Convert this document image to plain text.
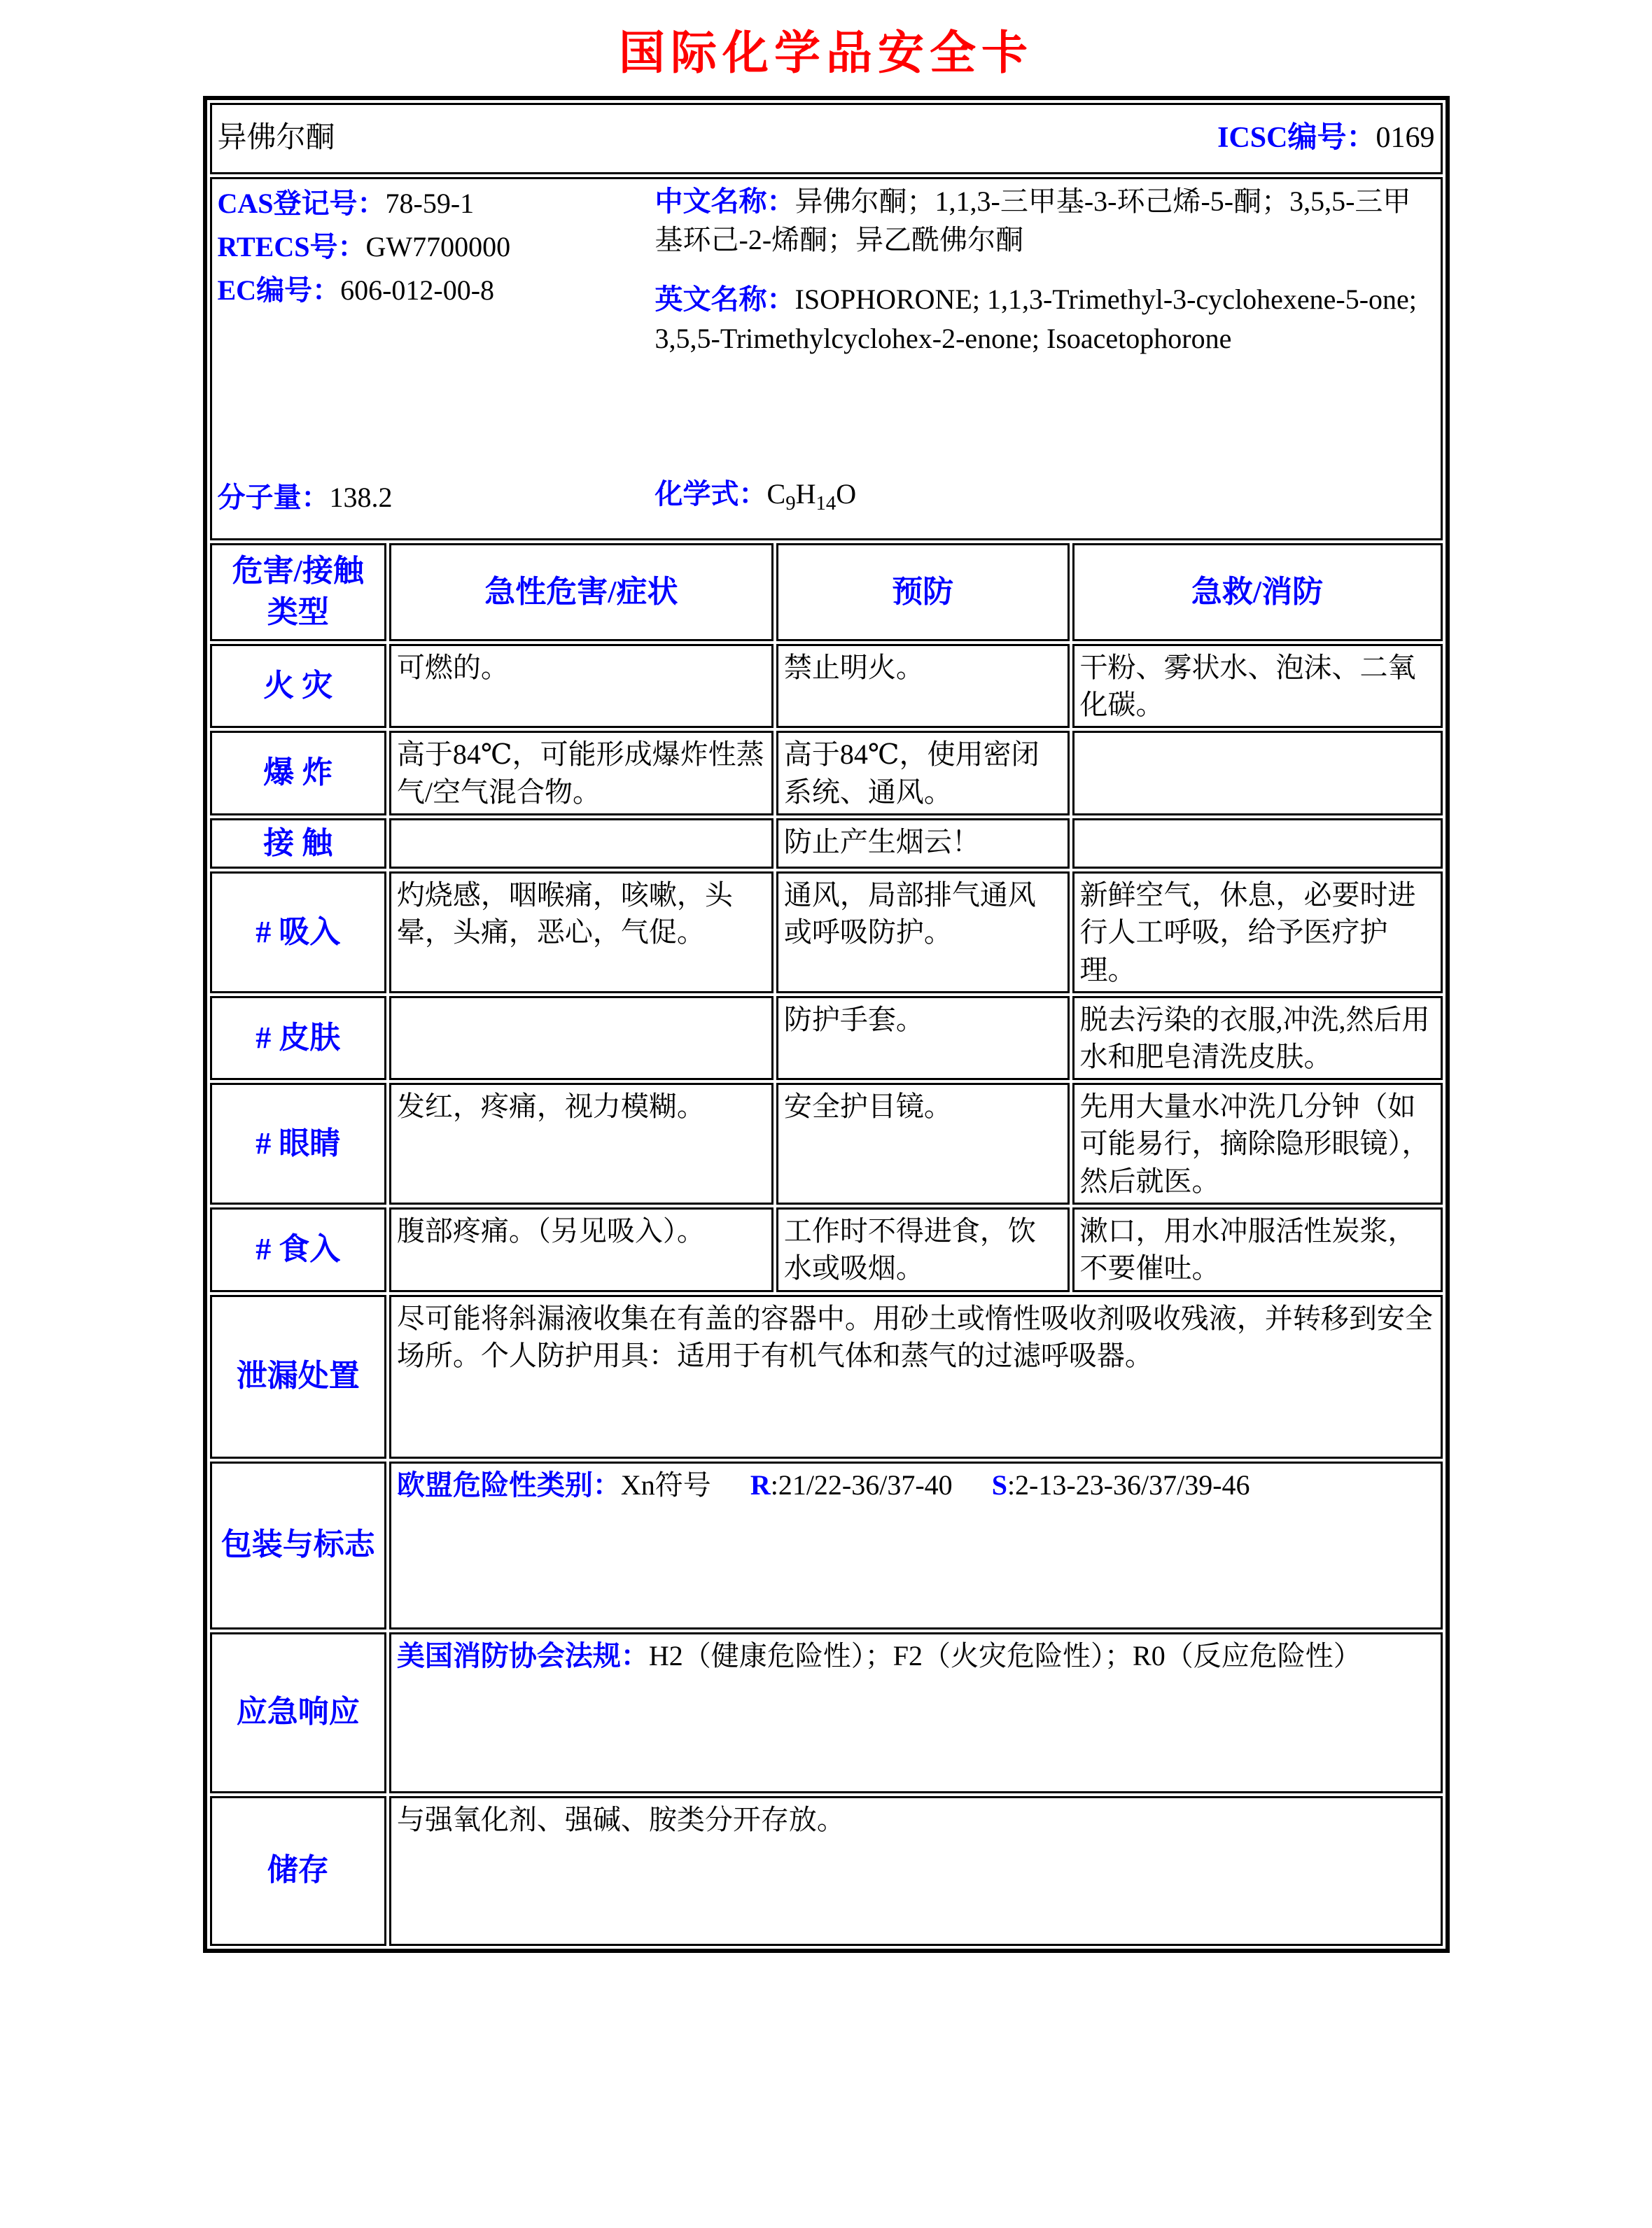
国际化学品安全卡
异佛尔酮 ICSC编号：0169			

CAS登记号：78-59-1
RTECS号：GW7700000
EC编号：606-012-00-8
分子量：138.2

中文名称：异佛尔酮；1,1,3-三甲基-3-环己烯-5-酮；3,5,5-三甲基环己-2-烯酮；异乙酰佛尔酮

英文名称：ISOPHORONE; 1,1,3-Trimethyl-3-cyclohexene-5-one; 3,5,5-Trimethylcyclohex-2-enone; Isoacetophorone

化学式：$C_9H_{14}O$

危害/接触
类型	急性危害/症状	预防	急救/消防
火 灾	可燃的。	禁止明火。	干粉、雾状水、泡沫、二氧化碳。
爆 炸	高于84℃，可能形成爆炸性蒸气/空气混合物。	高于84℃，使用密闭系统、通风。	
接 触		防止产生烟云！	
# 吸入	灼烧感，咽喉痛，咳嗽，头晕，头痛，恶心，气促。	通风，局部排气通风或呼吸防护。	新鲜空气，休息，必要时进行人工呼吸，给予医疗护理。
# 皮肤		防护手套。	脱去污染的衣服,冲洗,然后用水和肥皂清洗皮肤。
# 眼睛	发红，疼痛，视力模糊。	安全护目镜。	先用大量水冲洗几分钟（如可能易行，摘除隐形眼镜），然后就医。
# 食入	腹部疼痛。（另见吸入）。	工作时不得进食，饮水或吸烟。	漱口，用水冲服活性炭浆，不要催吐。
泄漏处置	尽可能将斜漏液收集在有盖的容器中。用砂土或惰性吸收剂吸收残液，并转移到安全场所。个人防护用具：适用于有机气体和蒸气的过滤呼吸器。		
包装与标志	欧盟危险性类别：Xn符号 R:21/22-36/37-40 S:2-13-23-36/37/39-46		
应急响应	美国消防协会法规：H2（健康危险性）；F2（火灾危险性）；R0（反应危险性）		
储存	与强氧化剂、强碱、胺类分开存放。		
